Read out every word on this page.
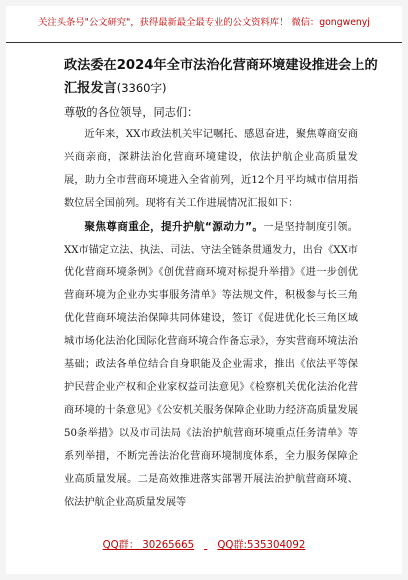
关注头条号"公文研究"，获得最新最全最专业的公文资料库！ 微信：gongwenyj
政法委在2024年全市法治化营商环境建设推进会上的汇报发言(3360字)
尊敬的各位领导，同志们：

近年来，XX市政法机关牢记嘱托、感恩奋进，聚焦尊商安商兴商亲商，深耕法治化营商环境建设，依法护航企业高质量发展，助力全市营商环境进入全省前列，近12个月平均城市信用指数位居全国前列。现将有关工作进展情况汇报如下：

聚焦尊商重企，提升护航“源动力”。一是坚持制度引领。XX市锚定立法、执法、司法、守法全链条贯通发力，出台《XX市优化营商环境条例》《创优营商环境对标提升举措》《进一步创优营商环境为企业办实事服务清单》等法规文件，积极参与长三角优化营商环境法治保障共同体建设，签订《促进优化长三角区域城市场化法治化国际化营商环境合作备忘录》，夯实营商环境法治基础；政法各单位结合自身职能及企业需求，推出《依法平等保护民营企业产权和企业家权益司法意见》《检察机关优化法治化营商环境的十条意见》《公安机关服务保障企业助力经济高质量发展50条举措》以及市司法局《法治护航营商环境重点任务清单》等系列举措，不断完善法治化营商环境制度体系，全力服务保障企业高质量发展。二是高效推进落实部署开展法治护航营商环境、依法护航企业高质量发展等

QQ群： 30265665 QQ群:535304092
